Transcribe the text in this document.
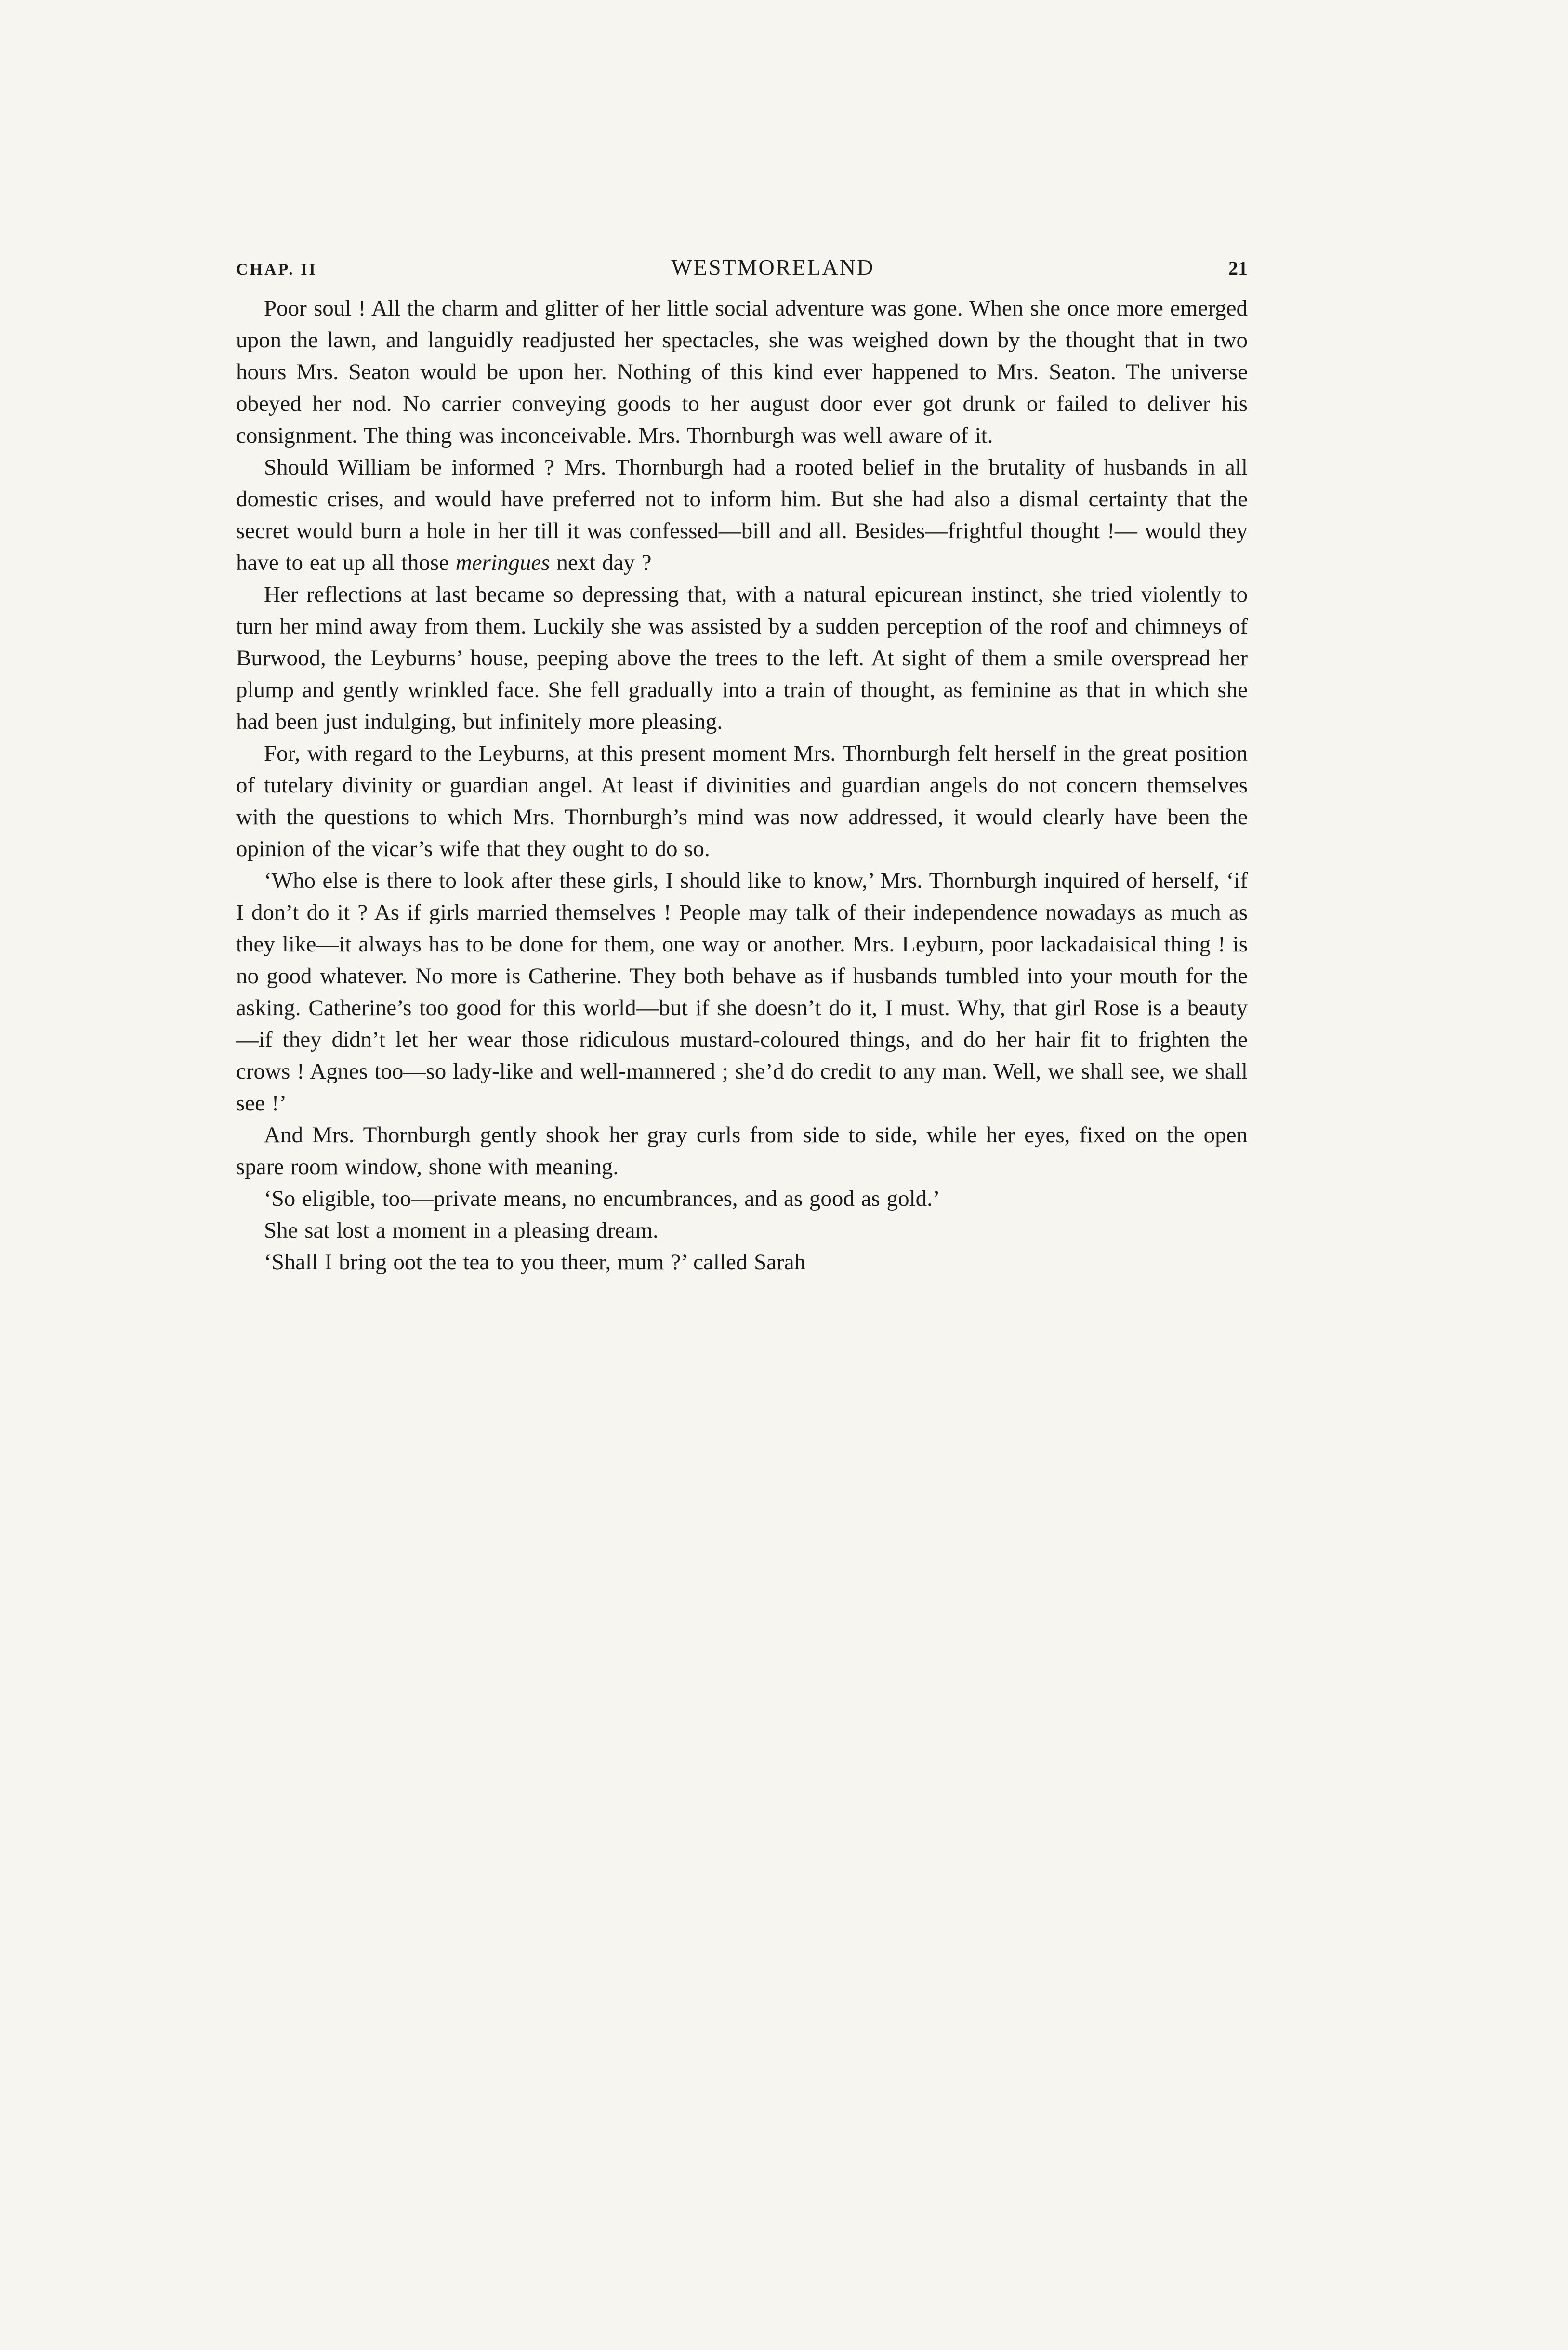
CHAP. II	WESTMORELAND	21

Poor soul ! All the charm and glitter of her little social adventure was gone. When she once more emerged upon the lawn, and languidly readjusted her spectacles, she was weighed down by the thought that in two hours Mrs. Seaton would be upon her. Nothing of this kind ever happened to Mrs. Seaton. The universe obeyed her nod. No carrier conveying goods to her august door ever got drunk or failed to deliver his consignment. The thing was inconceivable. Mrs. Thornburgh was well aware of it.

Should William be informed ? Mrs. Thornburgh had a rooted belief in the brutality of husbands in all domestic crises, and would have preferred not to inform him. But she had also a dismal certainty that the secret would burn a hole in her till it was confessed—bill and all. Besides—frightful thought !— would they have to eat up all those meringues next day ?

Her reflections at last became so depressing that, with a natural epicurean instinct, she tried violently to turn her mind away from them. Luckily she was assisted by a sudden perception of the roof and chimneys of Burwood, the Leyburns’ house, peeping above the trees to the left. At sight of them a smile overspread her plump and gently wrinkled face. She fell gradually into a train of thought, as feminine as that in which she had been just indulging, but infinitely more pleasing.

For, with regard to the Leyburns, at this present moment Mrs. Thornburgh felt herself in the great position of tutelary divinity or guardian angel. At least if divinities and guardian angels do not concern themselves with the questions to which Mrs. Thornburgh’s mind was now addressed, it would clearly have been the opinion of the vicar’s wife that they ought to do so.

‘Who else is there to look after these girls, I should like to know,’ Mrs. Thornburgh inquired of herself, ‘if I don’t do it ? As if girls married themselves ! People may talk of their independence nowadays as much as they like—it always has to be done for them, one way or another. Mrs. Leyburn, poor lackadaisical thing ! is no good whatever. No more is Catherine. They both behave as if husbands tumbled into your mouth for the asking. Catherine’s too good for this world—but if she doesn’t do it, I must. Why, that girl Rose is a beauty—if they didn’t let her wear those ridiculous mustard-coloured things, and do her hair fit to frighten the crows ! Agnes too—so lady-like and well-mannered ; she’d do credit to any man. Well, we shall see, we shall see !’

And Mrs. Thornburgh gently shook her gray curls from side to side, while her eyes, fixed on the open spare room window, shone with meaning.

‘So eligible, too—private means, no encumbrances, and as good as gold.’

She sat lost a moment in a pleasing dream.

‘Shall I bring oot the tea to you theer, mum ?’ called Sarah
